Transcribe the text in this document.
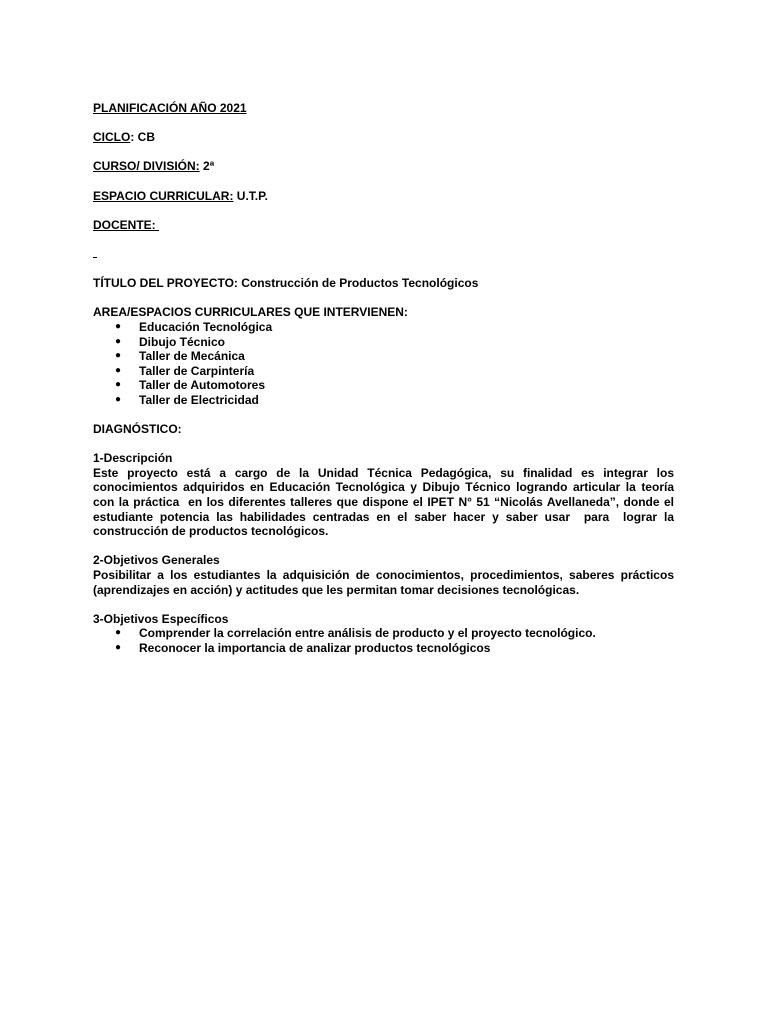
PLANIFICACIÓN AÑO 2021

CICLO: CB

CURSO/ DIVISIÓN: 2ª

ESPACIO CURRICULAR: U.T.P.

DOCENTE:

TÍTULO DEL PROYECTO: Construcción de Productos Tecnológicos

AREA/ESPACIOS CURRICULARES QUE INTERVIENEN:

● Educación Tecnológica
● Dibujo Técnico
● Taller de Mecánica
● Taller de Carpintería
● Taller de Automotores
● Taller de Electricidad

DIAGNÓSTICO:

1-Descripción

Este proyecto está a cargo de la Unidad Técnica Pedagógica, su finalidad es integrar los conocimientos adquiridos en Educación Tecnológica y Dibujo Técnico logrando articular la teoría con la práctica  en los diferentes talleres que dispone el IPET N° 51 “Nicolás Avellaneda”, donde el estudiante potencia las habilidades centradas en el saber hacer y saber usar  para  lograr la construcción de productos tecnológicos.

2-Objetivos Generales

Posibilitar a los estudiantes la adquisición de conocimientos, procedimientos, saberes prácticos (aprendizajes en acción) y actitudes que les permitan tomar decisiones tecnológicas.

3-Objetivos Específicos

● Comprender la correlación entre análisis de producto y el proyecto tecnológico.
● Reconocer la importancia de analizar productos tecnológicos
